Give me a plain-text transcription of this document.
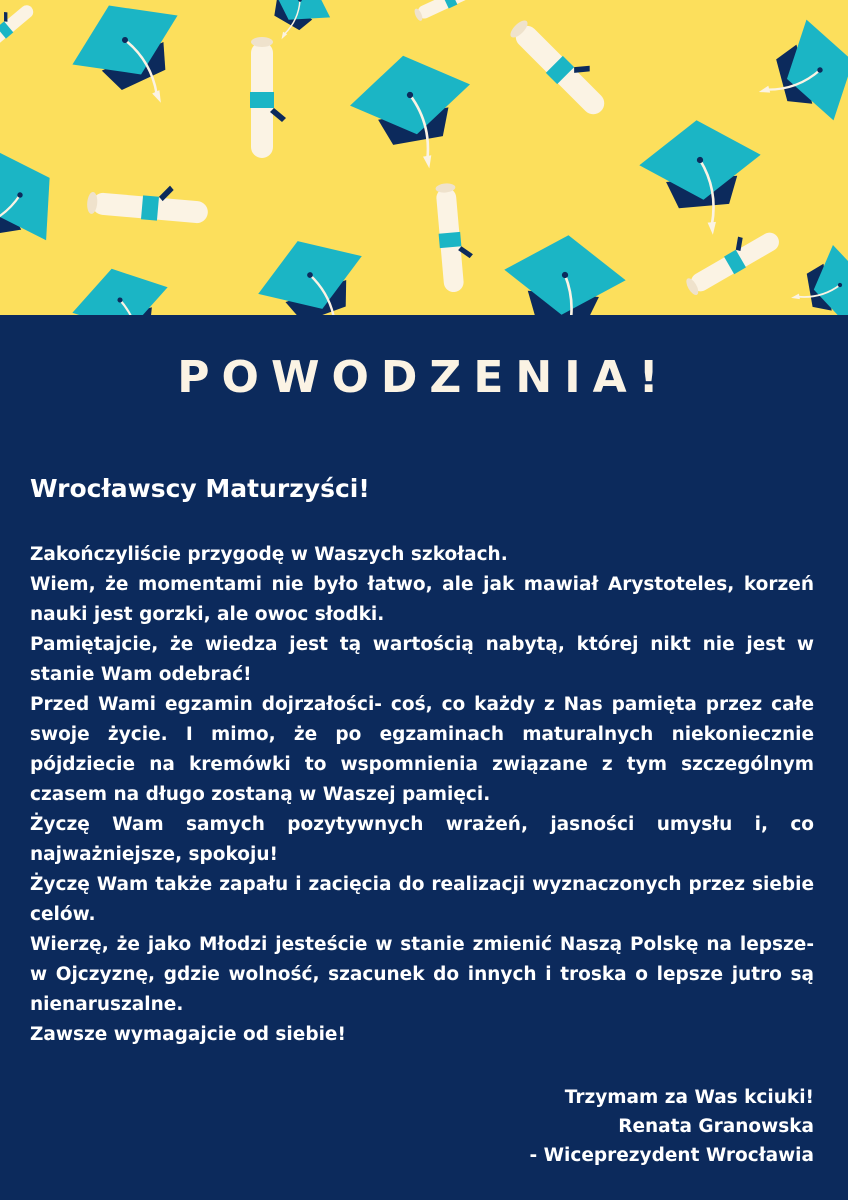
POWODZENIA!
Wrocławscy Maturzyści!

Zakończyliście przygodę w Waszych szkołach.

Wiem, że momentami nie było łatwo, ale jak mawiał Arystoteles, korzeń nauki jest gorzki, ale owoc słodki.

Pamiętajcie, że wiedza jest tą wartością nabytą, której nikt nie jest w stanie Wam odebrać!

Przed Wami egzamin dojrzałości- coś, co każdy z Nas pamięta przez całe swoje życie. I mimo, że po egzaminach maturalnych niekoniecznie pójdziecie na kremówki to wspomnienia związane z tym szczególnym czasem na długo zostaną w Waszej pamięci.

Życzę Wam samych pozytywnych wrażeń, jasności umysłu i, co najważniejsze, spokoju!

Życzę Wam także zapału i zacięcia do realizacji wyznaczonych przez siebie celów.

Wierzę, że jako Młodzi jesteście w stanie zmienić Naszą Polskę na lepsze- w Ojczyznę, gdzie wolność, szacunek do innych i troska o lepsze jutro są nienaruszalne.

Zawsze wymagajcie od siebie!

Trzymam za Was kciuki!
Renata Granowska
- Wiceprezydent Wrocławia
